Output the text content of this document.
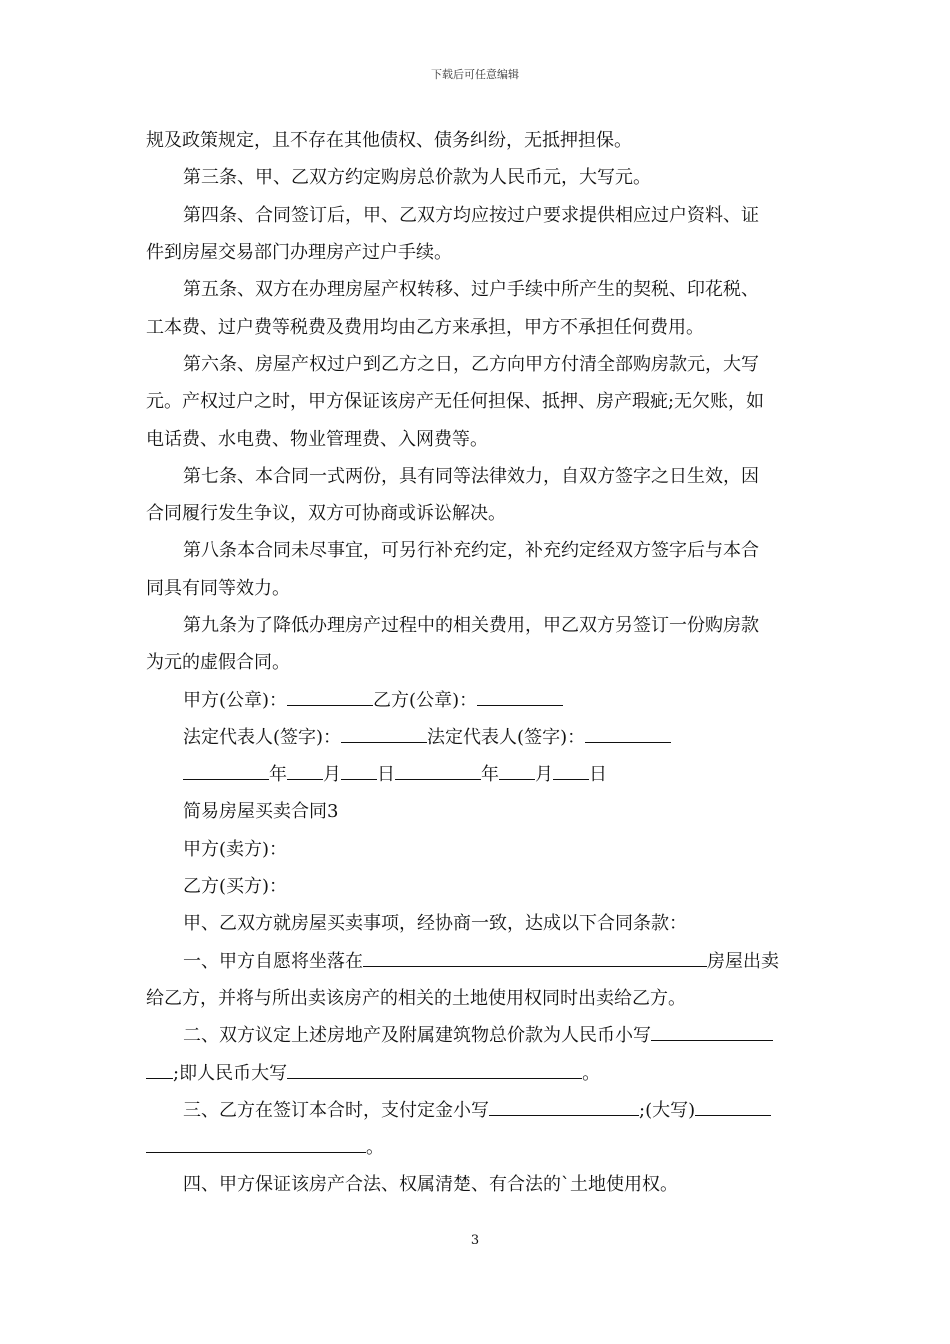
下载后可任意编辑
规及政策规定，且不存在其他债权、债务纠纷，无抵押担保。
第三条、甲、乙双方约定购房总价款为人民币元，大写元。
第四条、合同签订后，甲、乙双方均应按过户要求提供相应过户资料、证
件到房屋交易部门办理房产过户手续。
第五条、双方在办理房屋产权转移、过户手续中所产生的契税、印花税、
工本费、过户费等税费及费用均由乙方来承担，甲方不承担任何费用。
第六条、房屋产权过户到乙方之日，乙方向甲方付清全部购房款元，大写
元。产权过户之时，甲方保证该房产无任何担保、抵押、房产瑕疵;无欠账，如
电话费、水电费、物业管理费、入网费等。
第七条、本合同一式两份，具有同等法律效力，自双方签字之日生效，因
合同履行发生争议，双方可协商或诉讼解决。
第八条本合同未尽事宜，可另行补充约定，补充约定经双方签字后与本合
同具有同等效力。
第九条为了降低办理房产过程中的相关费用，甲乙双方另签订一份购房款
为元的虚假合同。
甲方(公章)：	乙方(公章)：
法定代表人(签字)：	法定代表人(签字)：
年 月 日	年 月 日
简易房屋买卖合同3
甲方(卖方)：
乙方(买方)：
甲、乙双方就房屋买卖事项，经协商一致，达成以下合同条款：
一、甲方自愿将坐落在	房屋出卖
给乙方，并将与所出卖该房产的相关的土地使用权同时出卖给乙方。
二、双方议定上述房地产及附属建筑物总价款为人民币小写
;即人民币大写	。
三、乙方在签订本合时，支付定金小写	;(大写)
。
四、甲方保证该房产合法、权属清楚、有合法的`土地使用权。
3
